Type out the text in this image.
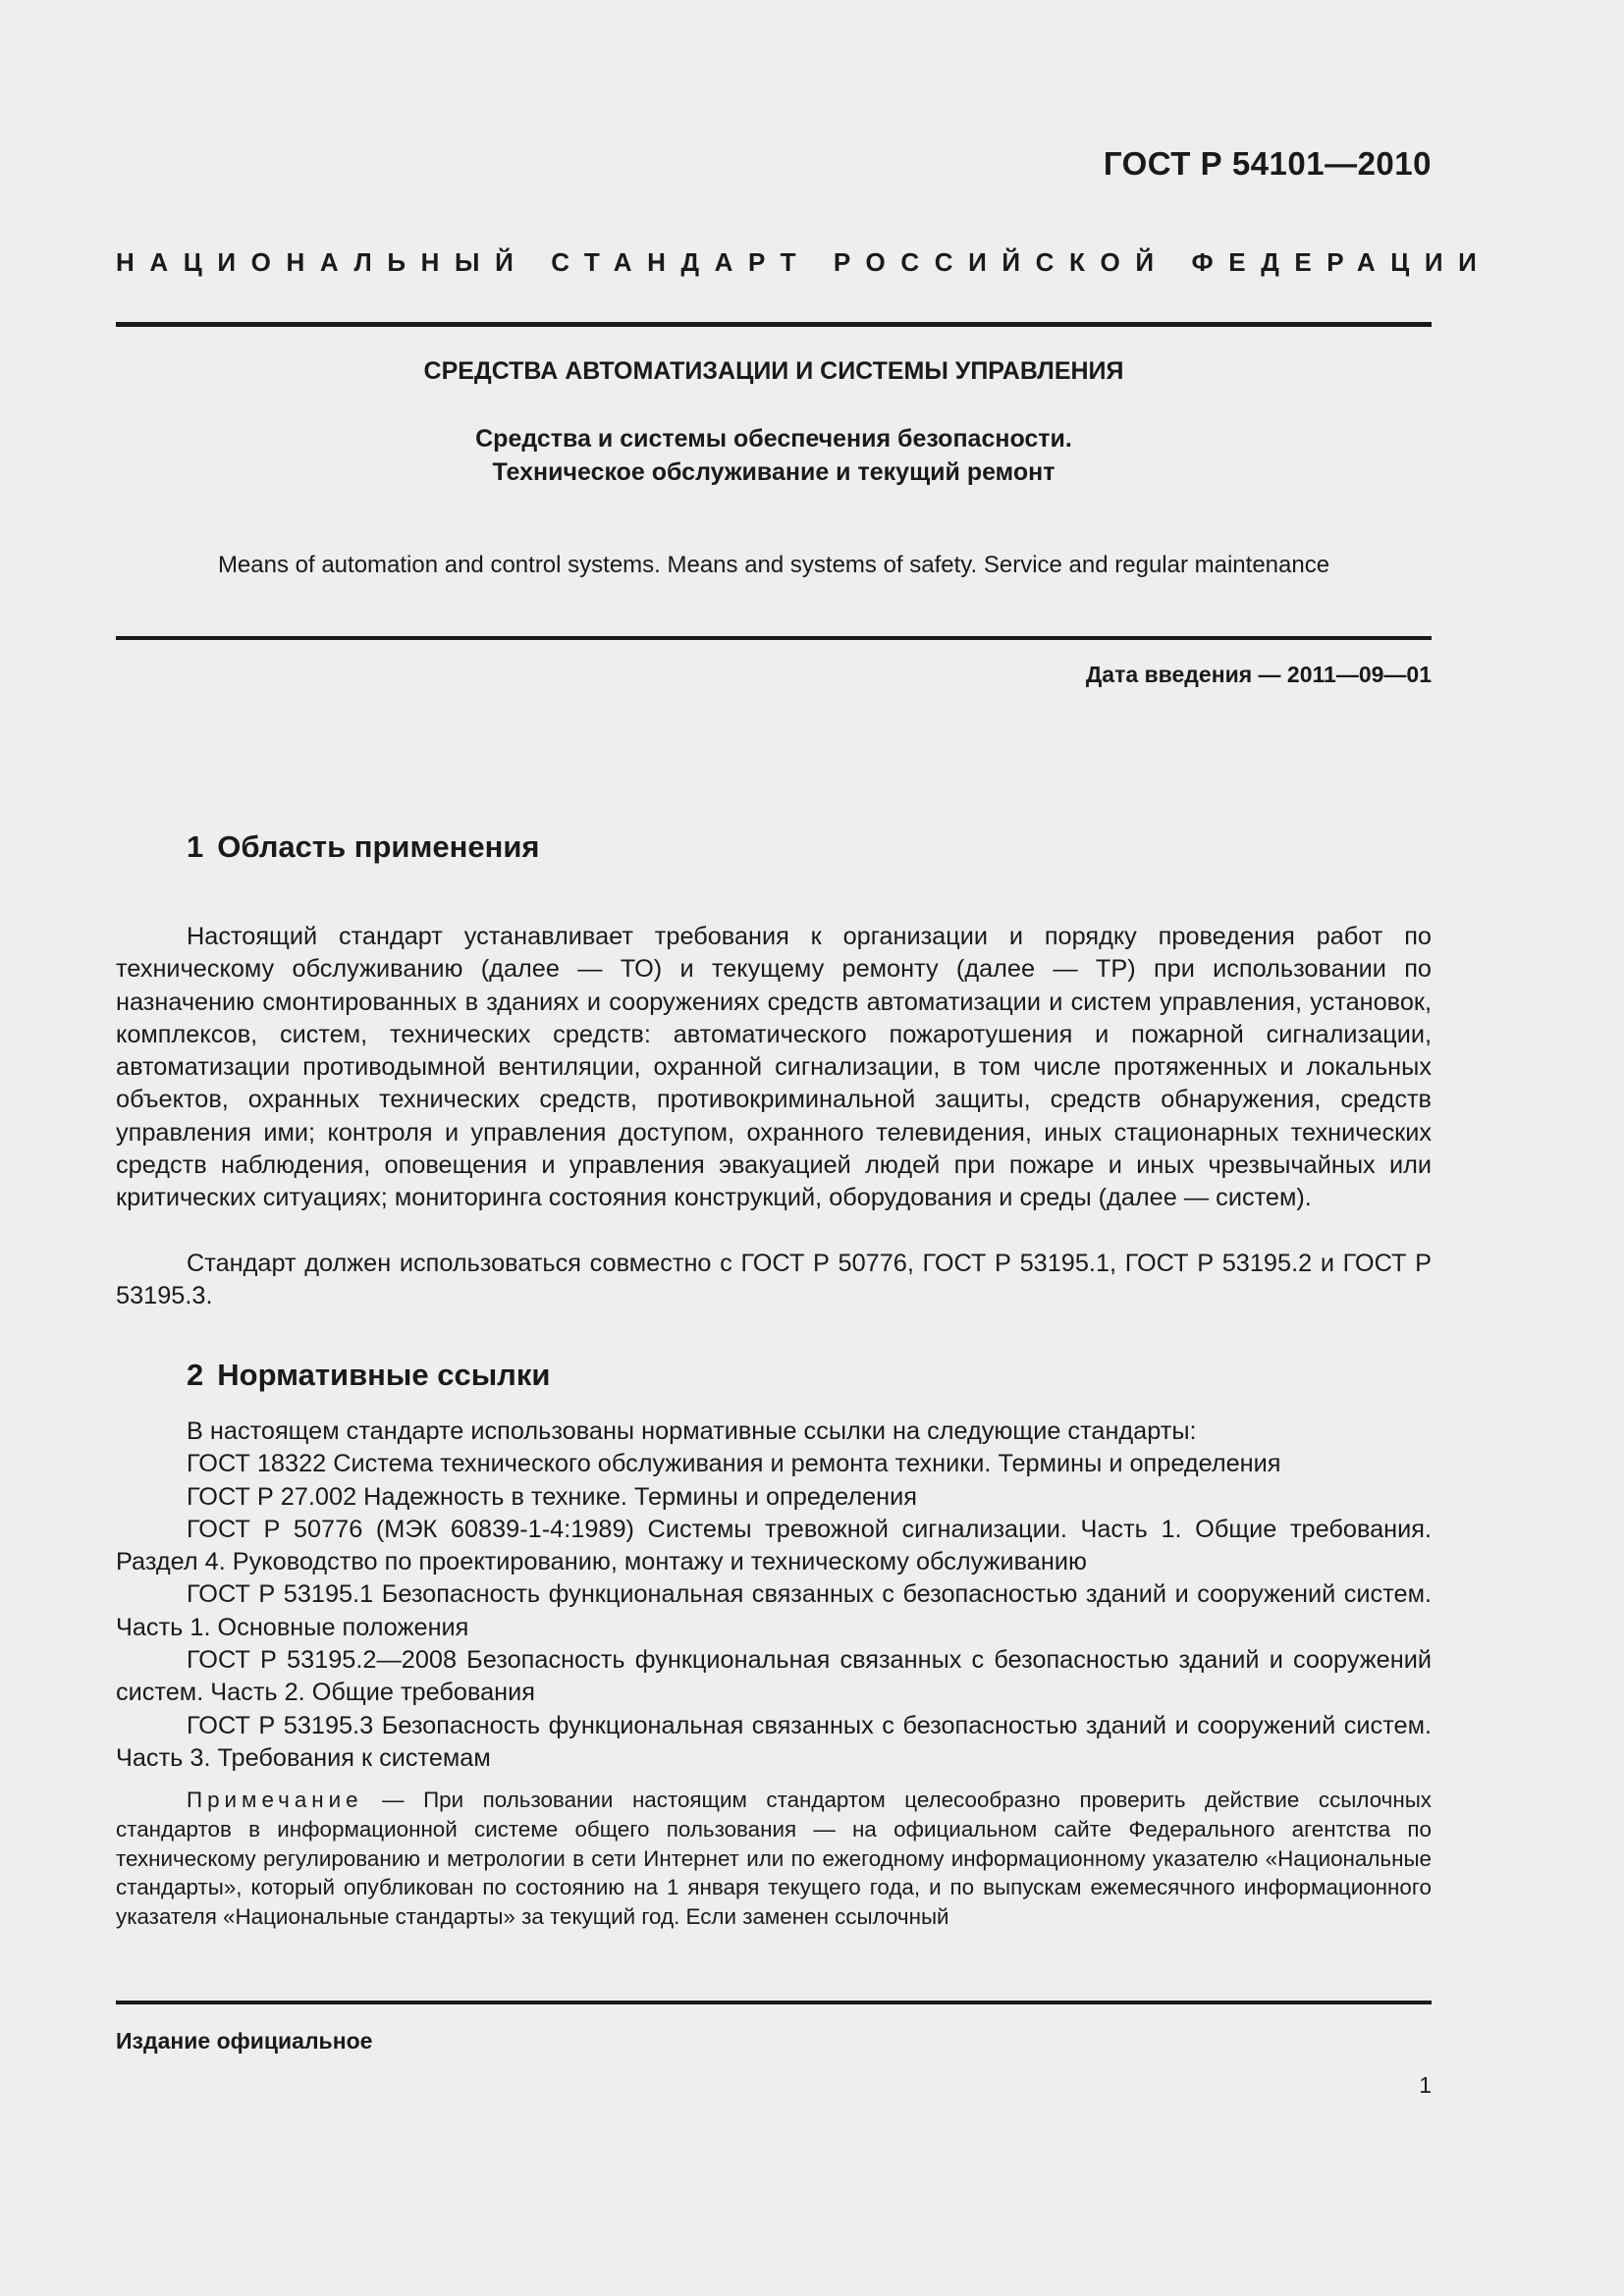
ГОСТ Р 54101—2010
НАЦИОНАЛЬНЫЙ СТАНДАРТ РОССИЙСКОЙ ФЕДЕРАЦИИ
СРЕДСТВА АВТОМАТИЗАЦИИ И СИСТЕМЫ УПРАВЛЕНИЯ
Средства и системы обеспечения безопасности.
Техническое обслуживание и текущий ремонт
Means of automation and control systems. Means and systems of safety. Service and regular maintenance
Дата введения — 2011—09—01
1 Область применения
Настоящий стандарт устанавливает требования к организации и порядку проведения работ по техническому обслуживанию (далее — ТО) и текущему ремонту (далее — ТР) при использовании по назначению смонтированных в зданиях и сооружениях средств автоматизации и систем управления, установок, комплексов, систем, технических средств: автоматического пожаротушения и пожарной сигнализации, автоматизации противодымной вентиляции, охранной сигнализации, в том числе протяженных и локальных объектов, охранных технических средств, противокриминальной защиты, средств обнаружения, средств управления ими; контроля и управления доступом, охранного телевидения, иных стационарных технических средств наблюдения, оповещения и управления эвакуацией людей при пожаре и иных чрезвычайных или критических ситуациях; мониторинга состояния конструкций, оборудования и среды (далее — систем).
Стандарт должен использоваться совместно с ГОСТ Р 50776, ГОСТ Р 53195.1, ГОСТ Р 53195.2 и ГОСТ Р 53195.3.
2 Нормативные ссылки

В настоящем стандарте использованы нормативные ссылки на следующие стандарты:

ГОСТ 18322 Система технического обслуживания и ремонта техники. Термины и определения

ГОСТ Р 27.002 Надежность в технике. Термины и определения

ГОСТ Р 50776 (МЭК 60839-1-4:1989) Системы тревожной сигнализации. Часть 1. Общие требования. Раздел 4. Руководство по проектированию, монтажу и техническому обслуживанию

ГОСТ Р 53195.1 Безопасность функциональная связанных с безопасностью зданий и сооружений систем. Часть 1. Основные положения

ГОСТ Р 53195.2—2008 Безопасность функциональная связанных с безопасностью зданий и сооружений систем. Часть 2. Общие требования

ГОСТ Р 53195.3 Безопасность функциональная связанных с безопасностью зданий и сооружений систем. Часть 3. Требования к системам

Примечание — При пользовании настоящим стандартом целесообразно проверить действие ссылочных стандартов в информационной системе общего пользования — на официальном сайте Федерального агентства по техническому регулированию и метрологии в сети Интернет или по ежегодному информационному указателю «Национальные стандарты», который опубликован по состоянию на 1 января текущего года, и по выпускам ежемесячного информационного указателя «Национальные стандарты» за текущий год. Если заменен ссылочный
Издание официальное
1
